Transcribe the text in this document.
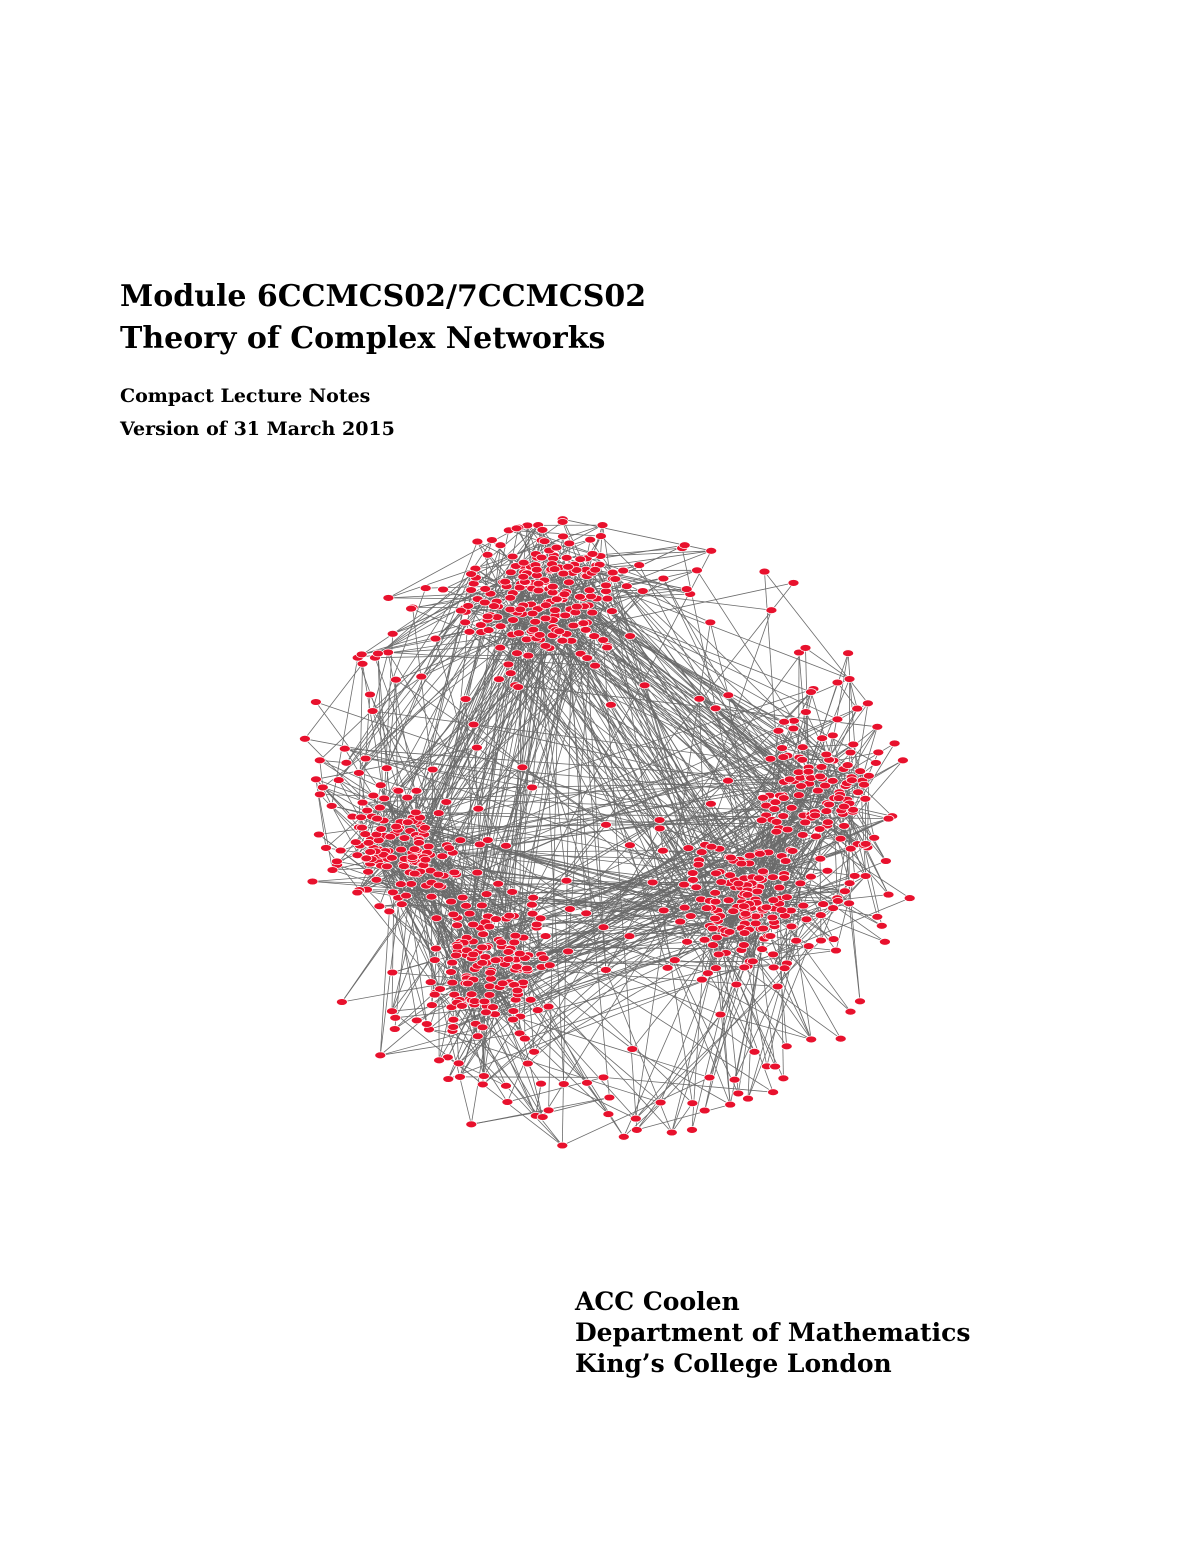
Module 6CCMCS02/7CCMCS02

Theory of Complex Networks

Compact Lecture Notes

Version of 31 March 2015

ACC Coolen

Department of Mathematics

King’s College London
